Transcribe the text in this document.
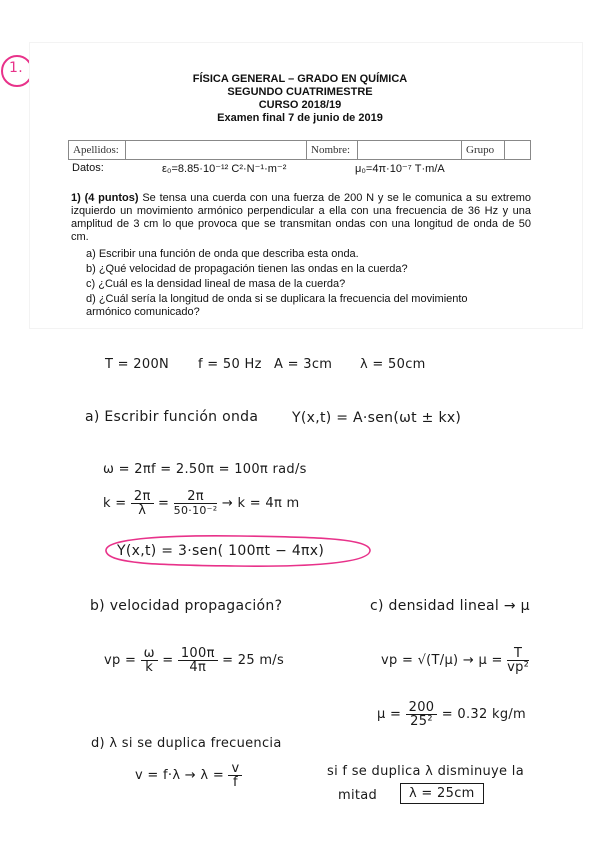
1.
FÍSICA GENERAL – GRADO EN QUÍMICA
SEGUNDO CUATRIMESTRE
CURSO 2018/19
Examen final 7 de junio de 2019
Apellidos:		Nombre:		Grupo	
Datos:	ε₀=8.85·10⁻¹² C²·N⁻¹·m⁻²	μ₀=4π·10⁻⁷ T·m/A
1) (4 puntos) Se tensa una cuerda con una fuerza de 200 N y se le comunica a su extremo izquierdo un movimiento armónico perpendicular a ella con una frecuencia de 36 Hz y una amplitud de 3 cm lo que provoca que se transmitan ondas con una longitud de onda de 50 cm.
a) Escribir una función de onda que describa esta onda.
b) ¿Qué velocidad de propagación tienen las ondas en la cuerda?
c) ¿Cuál es la densidad lineal de masa de la cuerda?
d) ¿Cuál sería la longitud de onda si se duplicara la frecuencia del movimiento armónico comunicado?
T = 200N f = 50 Hz A = 3cm λ = 50cm
a) Escribir función onda Y(x,t) = A·sen(ωt ± kx)
ω = 2πf = 2.50π = 100π rad/s
$k = \frac{2\pi}{\lambda} = \frac{2\pi}{\text{50·10⁻²}} \to k = 4\pi$ m
Y(x,t) = 3·sen( 100πt − 4πx)
b) velocidad propagación?	c) densidad lineal → μ
vp = $\frac{\omega}{k} = \frac{100\pi}{4\pi} = 25$ m/s	vp = $√(T/\mu) \to \mu = \frac{T}{\text{vp²}}$
$\mu = \frac{200}{\text{25²}} = 0.32$ kg/m
d) λ si se duplica frecuencia
$v = f\cdot\lambda \to \lambda = \frac{v}{f}$	si f se duplica λ disminuye la
mitad	λ = 25cm
